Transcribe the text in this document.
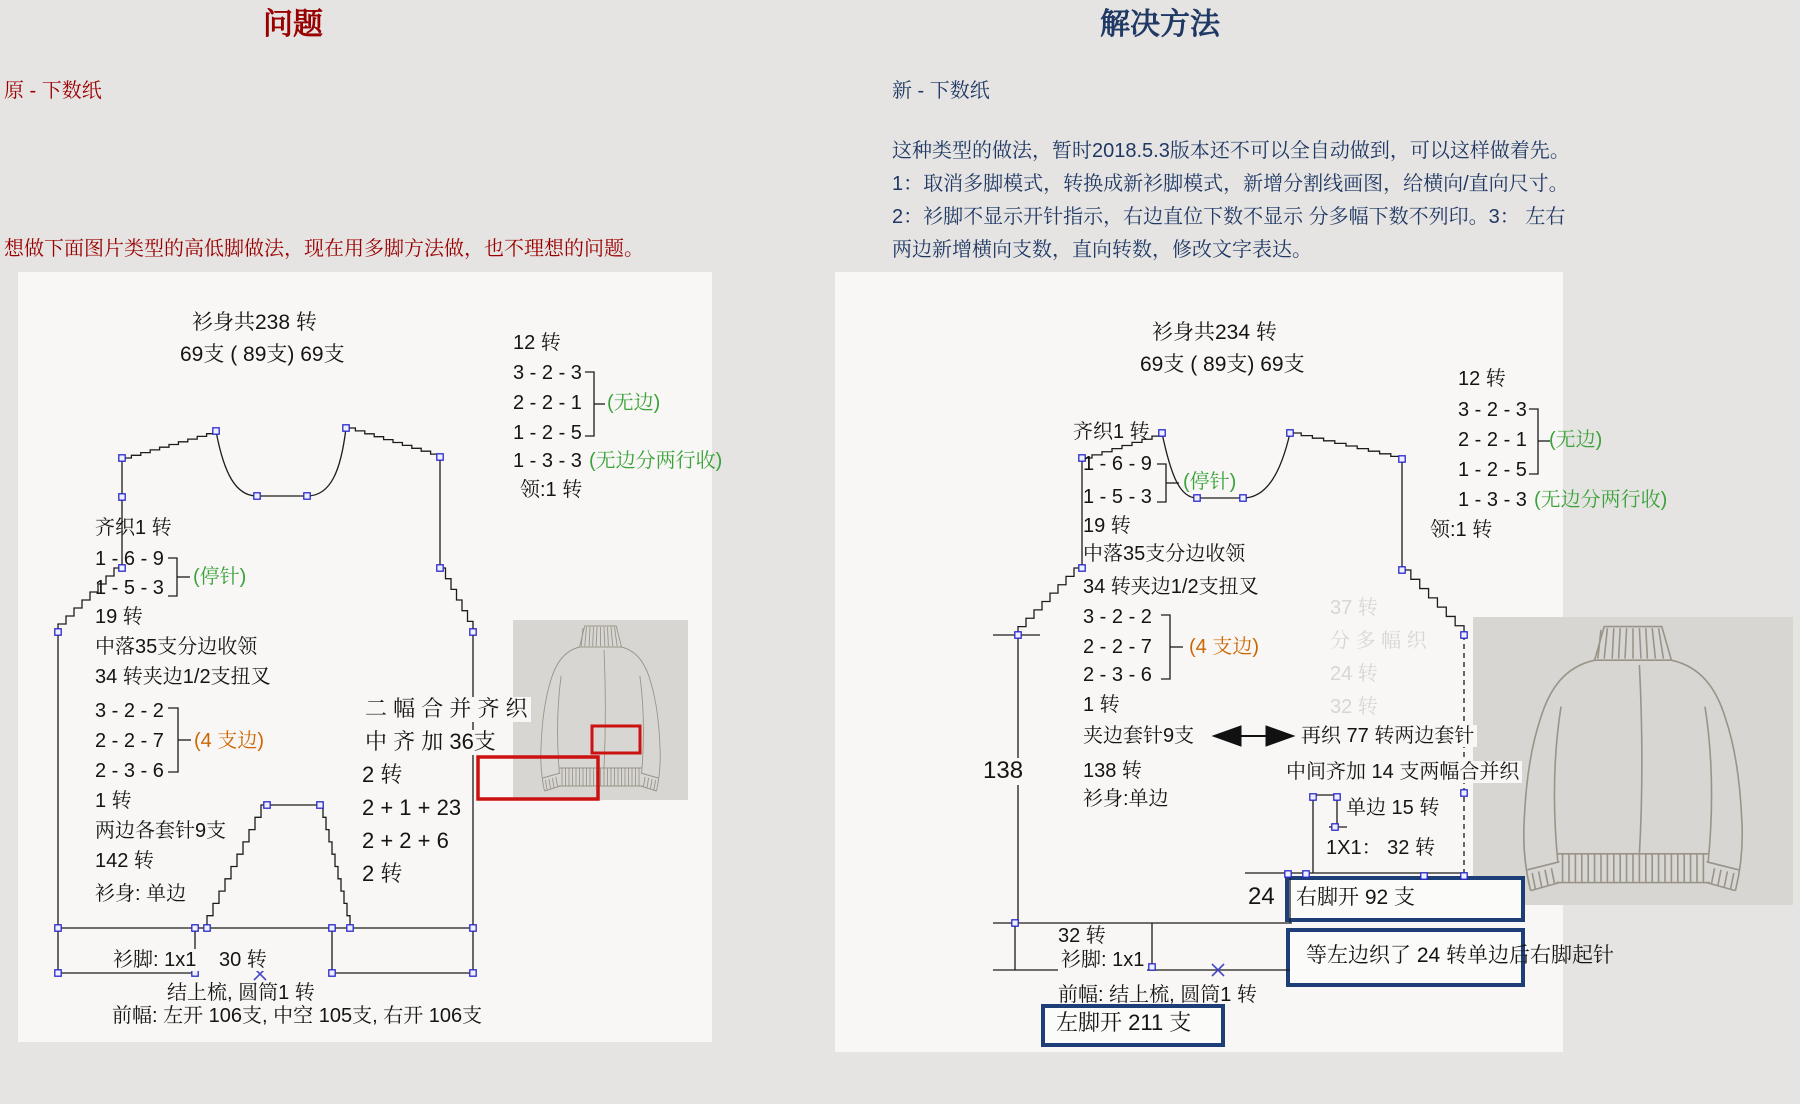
问题
原 - 下数纸
想做下面图片类型的高低脚做法，现在用多脚方法做，也不理想的问题。
衫身共238 转
69支 ( 89支) 69支	12 转
3 - 2 - 3
2 - 2 - 1 (无边)
1 - 2 - 5
1 - 3 - 3 (无边分两行收)
领:1 转
齐织1 转
1 - 6 - 9
(停针)
1 - 5 - 3
19 转
中落35支分边收领
34 转夹边1/2支扭叉
3 - 2 - 2
2 - 2 - 7 (4 支边)
2 - 3 - 6
1 转
两边各套针9支
142 转
衫身: 单边
二 幅 合 并 齐 织
中 齐 加 36支
2 转
2 + 1 + 23
2 + 2 + 6
2 转
衫脚: 1x1 30 转
结上梳, 圆筒1 转
前幅: 左开 106支, 中空 105支, 右开 106支
解决方法
新 - 下数纸
这种类型的做法，暂时2018.5.3版本还不可以全自动做到，可以这样做着先。
1：取消多脚模式，转换成新衫脚模式，新增分割线画图，给横向/直向尺寸。
2：衫脚不显示开针指示，右边直位下数不显示 分多幅下数不列印。3： 左右
两边新增横向支数，直向转数，修改文字表达。
衫身共234 转
69支 ( 89支) 69支
12 转
3 - 2 - 3
2 - 2 - 1 (无边)
1 - 2 - 5
1 - 3 - 3 (无边分两行收)
领:1 转
齐织1 转
1 - 6 - 9
(停针)
1 - 5 - 3
19 转
中落35支分边收领
34 转夹边1/2支扭叉
3 - 2 - 2
2 - 2 - 7 (4 支边)
2 - 3 - 6
1 转
夹边套针9支
138 转
衫身:单边
37 转
分 多 幅 织
24 转
32 转
再织 77 转两边套针
中间齐加 14 支两幅合并织
单边 15 转
1X1： 32 转
138
24
32 转
右脚开 92 支
等左边织了 24 转单边后右脚起针
左脚开 211 支
衫脚: 1x1
前幅: 结上梳, 圆筒1 转
